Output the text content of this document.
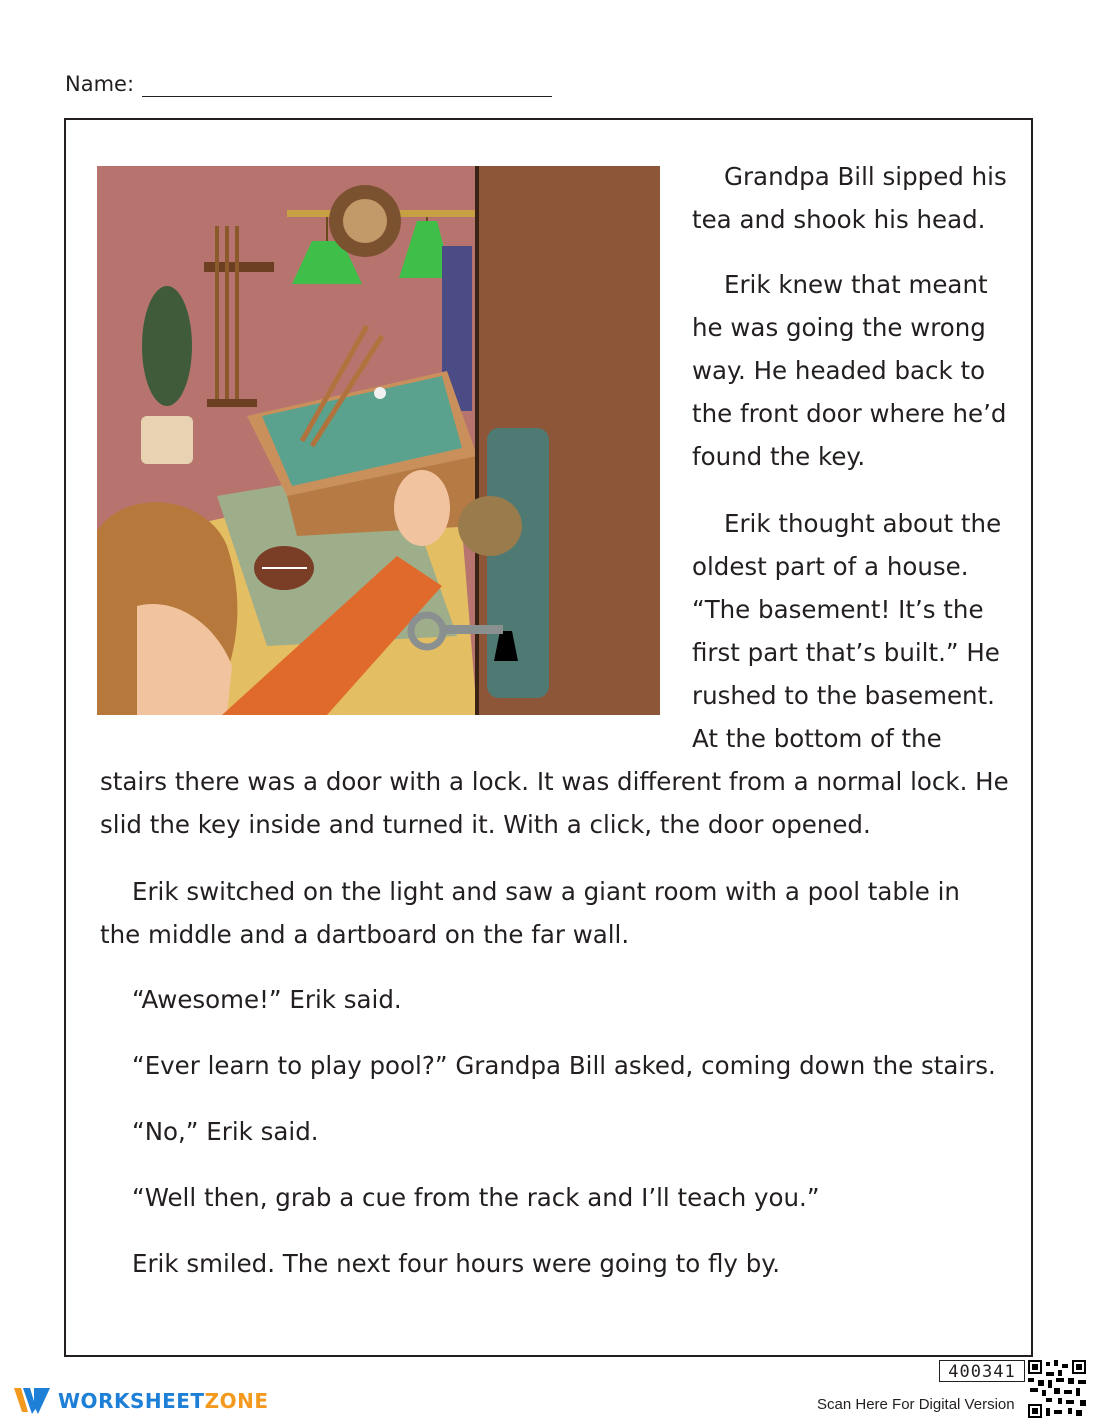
Name:

Grandpa Bill sipped his tea and shook his head.

Erik knew that meant he was going the wrong way. He headed back to the front door where he’d found the key.

Erik thought about the oldest part of a house. “The basement! It’s the first part that’s built.” He rushed to the basement. At the bottom of the stairs there was a door with a lock. It was different from a normal lock. He slid the key inside and turned it. With a click, the door opened.

Erik switched on the light and saw a giant room with a pool table in the middle and a dartboard on the far wall.

“Awesome!” Erik said.

“Ever learn to play pool?” Grandpa Bill asked, coming down the stairs.

“No,” Erik said.

“Well then, grab a cue from the rack and I’ll teach you.”

Erik smiled. The next four hours were going to fly by.

WORKSHEETZONE
400341
Scan Here For Digital Version
